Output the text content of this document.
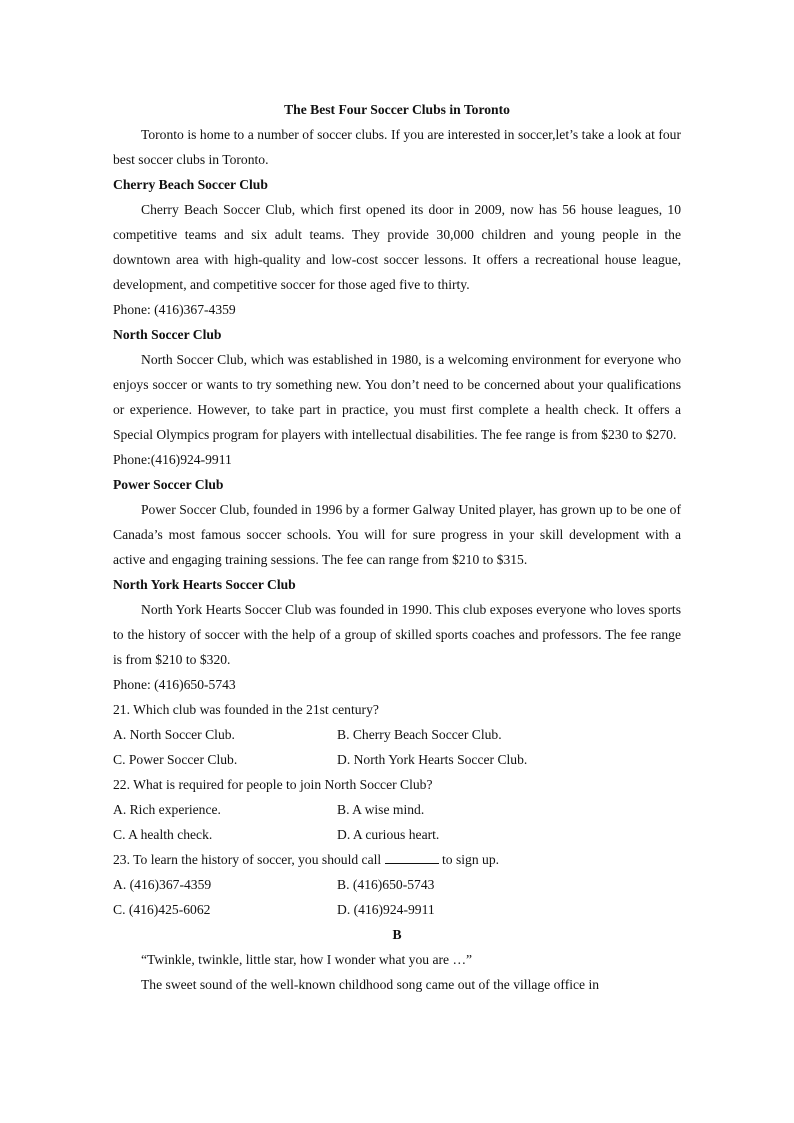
The Best Four Soccer Clubs in Toronto

Toronto is home to a number of soccer clubs. If you are interested in soccer,let’s take a look at four best soccer clubs in Toronto.

Cherry Beach Soccer Club

Cherry Beach Soccer Club, which first opened its door in 2009, now has 56 house leagues, 10 competitive teams and six adult teams. They provide 30,000 children and young people in the downtown area with high-quality and low-cost soccer lessons. It offers a recreational house league, development, and competitive soccer for those aged five to thirty.

Phone: (416)367-4359

North Soccer Club

North Soccer Club, which was established in 1980, is a welcoming environment for everyone who enjoys soccer or wants to try something new. You don’t need to be concerned about your qualifications or experience. However, to take part in practice, you must first complete a health check. It offers a Special Olympics program for players with intellectual disabilities. The fee range is from $230 to $270.

Phone:(416)924-9911

Power Soccer Club

Power Soccer Club, founded in 1996 by a former Galway United player, has grown up to be one of Canada’s most famous soccer schools. You will for sure progress in your skill development with a active and engaging training sessions. The fee can range from $210 to $315.

North York Hearts Soccer Club

North York Hearts Soccer Club was founded in 1990. This club exposes everyone who loves sports to the history of soccer with the help of a group of skilled sports coaches and professors. The fee range is from $210 to $320.

Phone: (416)650-5743

21. Which club was founded in the 21st century?

A. North Soccer Club.	B. Cherry Beach Soccer Club.
C. Power Soccer Club.	D. North York Hearts Soccer Club.

22. What is required for people to join North Soccer Club?

A. Rich experience.	B. A wise mind.
C. A health check.	D. A curious heart.

23. To learn the history of soccer, you should call	to sign up.

A. (416)367-4359	B. (416)650-5743
C. (416)425-6062	D. (416)924-9911

B

“Twinkle, twinkle, little star, how I wonder what you are …”

The sweet sound of the well-known childhood song came out of the village office in
